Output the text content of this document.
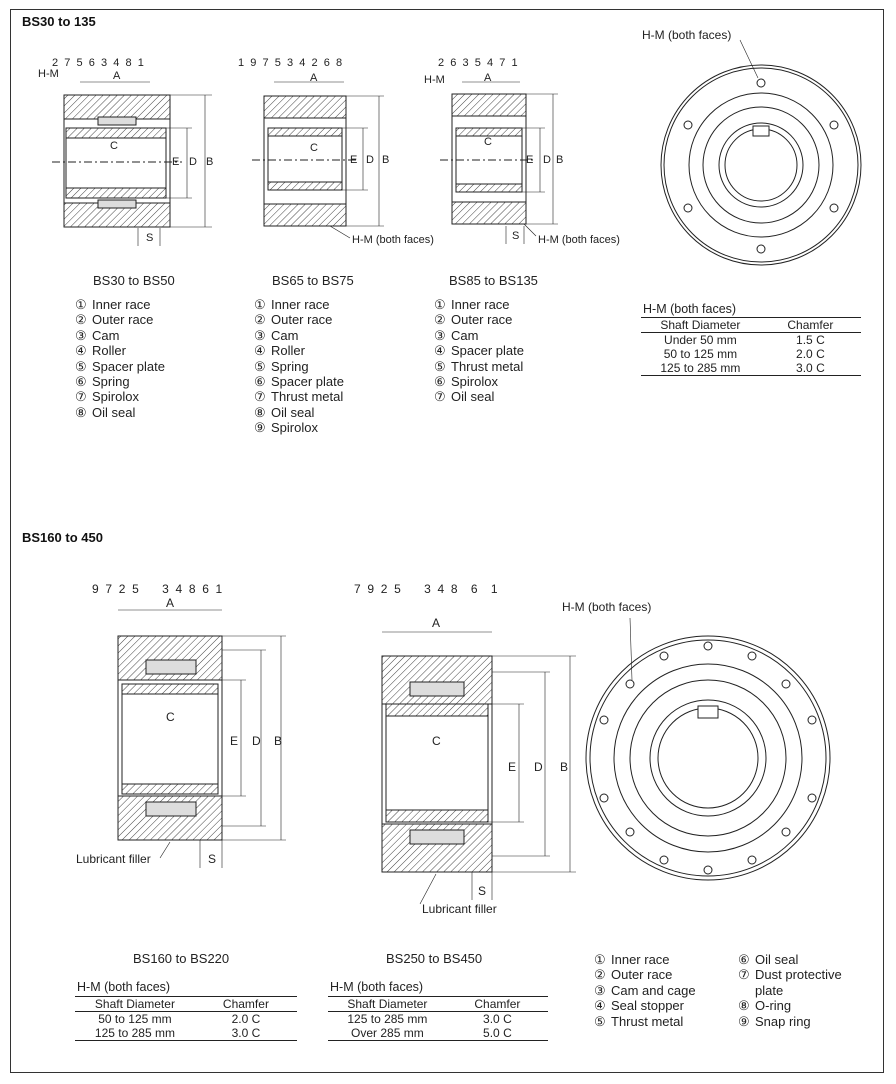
BS30 to 135
BS160 to 450
2 7 5 6 3 4 8 1	1 9 7 5 3 4 2 6 8	2 6 3 5 4 7 1
9 7 2 5 3 4 8 6 1	7 9 2 5 3 4 8 6 1
H-M	A
C
E D B
S
A
C
E D B
H-M (both faces)
H-M	A
C
E D B
S H-M (both faces)
H-M (both faces)
A
C
E D B
S
Lubricant filler
A
C
E D B
S
Lubricant filler
H-M (both faces)
BS30 to BS50	BS65 to BS75	BS85 to BS135
BS160 to BS220	BS250 to BS450
① Inner race
② Outer race
③ Cam
④ Roller
⑤ Spacer plate
⑥ Spring
⑦ Spirolox
⑧ Oil seal
① Inner race
② Outer race
③ Cam
④ Roller
⑤ Spring
⑥ Spacer plate
⑦ Thrust metal
⑧ Oil seal
⑨ Spirolox
① Inner race
② Outer race
③ Cam
④ Spacer plate
⑤ Thrust metal
⑥ Spirolox
⑦ Oil seal
① Inner race
② Outer race
③ Cam and cage
④ Seal stopper
⑤ Thrust metal
⑥ Oil seal
⑦ Dust protective
plate
⑧ O-ring
⑨ Snap ring
H-M (both faces)
Shaft Diameter	Chamfer
Under 50 mm	1.5 C
50 to 125 mm	2.0 C
125 to 285 mm	3.0 C
H-M (both faces)
Shaft Diameter	Chamfer
50 to 125 mm	2.0 C
125 to 285 mm	3.0 C
H-M (both faces)
Shaft Diameter	Chamfer
125 to 285 mm	3.0 C
Over 285 mm	5.0 C
